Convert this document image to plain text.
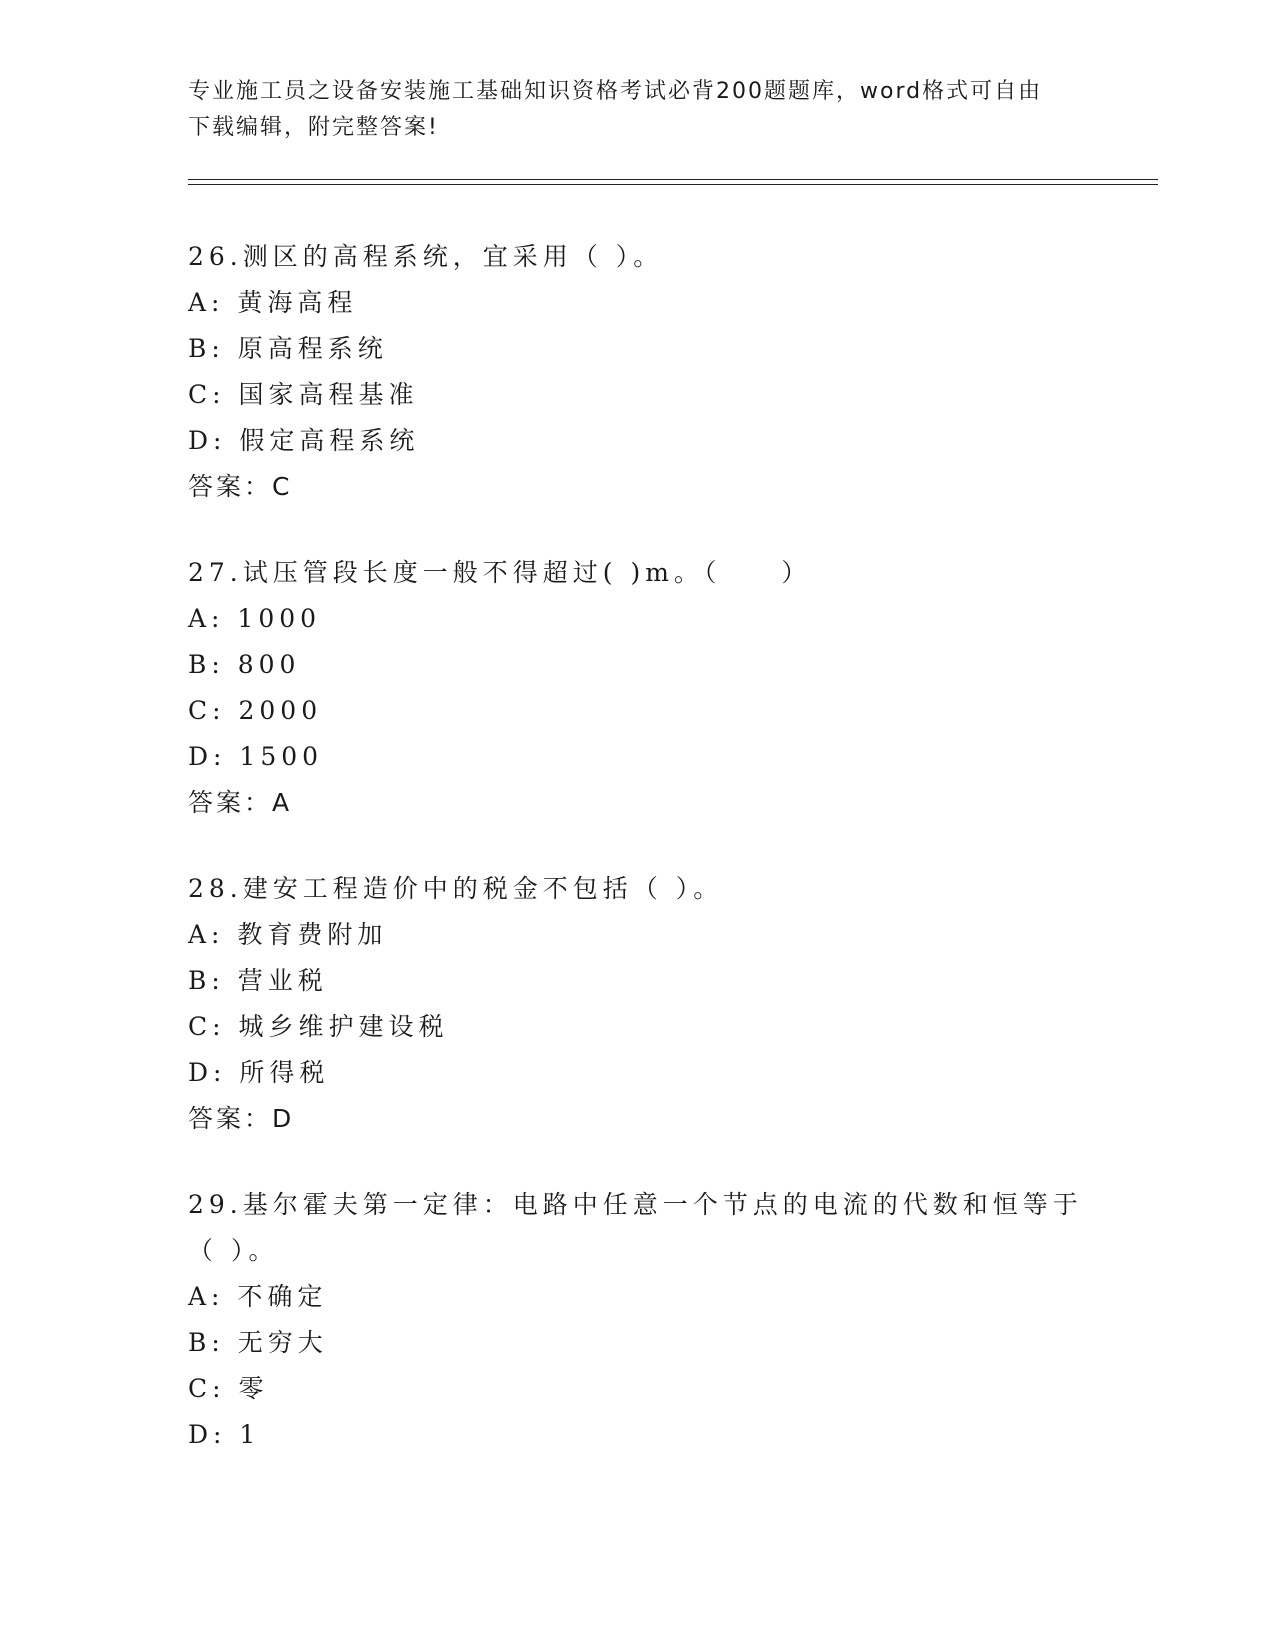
专业施工员之设备安装施工基础知识资格考试必背200题题库，word格式可自由
下载编辑，附完整答案!
26.测区的高程系统，宜采用（ ）。
A: 黄海高程
B: 原高程系统
C: 国家高程基准
D: 假定高程系统
答案：C
27.试压管段长度一般不得超过( )m。（　　）
A: 1000
B: 800
C: 2000
D: 1500
答案：A
28.建安工程造价中的税金不包括（ ）。
A: 教育费附加
B: 营业税
C: 城乡维护建设税
D: 所得税
答案：D
29.基尔霍夫第一定律：电路中任意一个节点的电流的代数和恒等于（ ）。
A: 不确定
B: 无穷大
C: 零
D: 1
